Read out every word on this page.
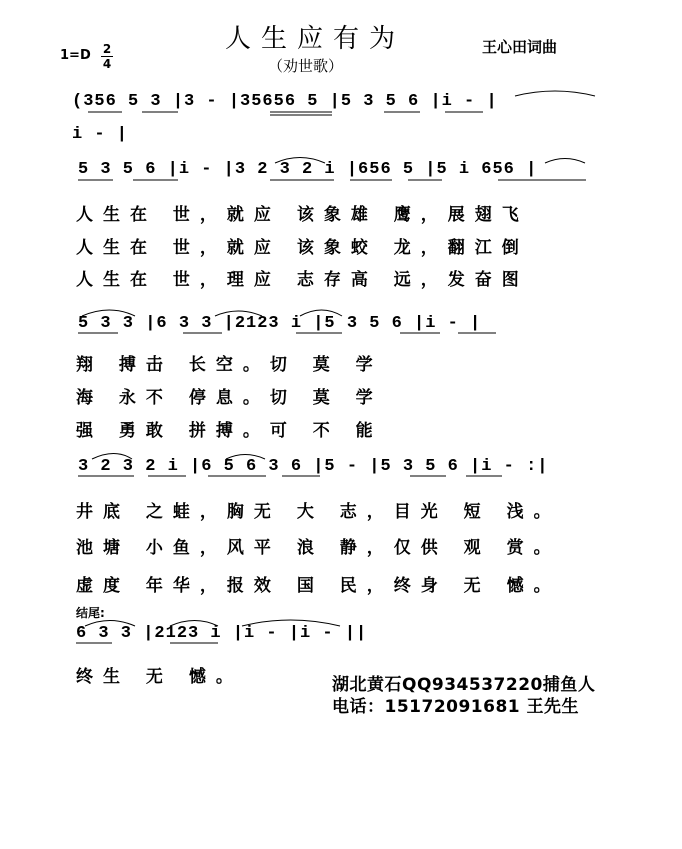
人生应有为
（劝世歌）
王心田词曲
$1=D \frac{2}{4}$
(356 5 3 |3 - |35656 5 |5 3 5 6 |i - |
i - |
5 3 5 6 |i - |3 2 3 2 i |656 5 |5 i 656 |
人生在 世，就应 该象雄 鹰，展翅飞
人生在 世，就应 该象蛟 龙，翻江倒
人生在 世，理应 志存高 远，发奋图
5 3 3 |6 3 3 |2123 i |5 3 5 6 |i - |
翔 搏击 长空。切 莫 学
海 永不 停息。切 莫 学
强 勇敢 拼搏。可 不 能
3 2 3 2 i |6 5 6 3 6 |5 - |5 3 5 6 |i - :|
井底 之蛙，胸无 大 志，目光 短 浅。
池塘 小鱼，风平 浪 静，仅供 观 赏。
虚度 年华，报效 国 民，终身 无 憾。
结尾:
6 3 3 |2123 i |i - |i - ||
终生 无 憾。	湖北黄石QQ934537220捕鱼人
电话：15172091681 王先生
